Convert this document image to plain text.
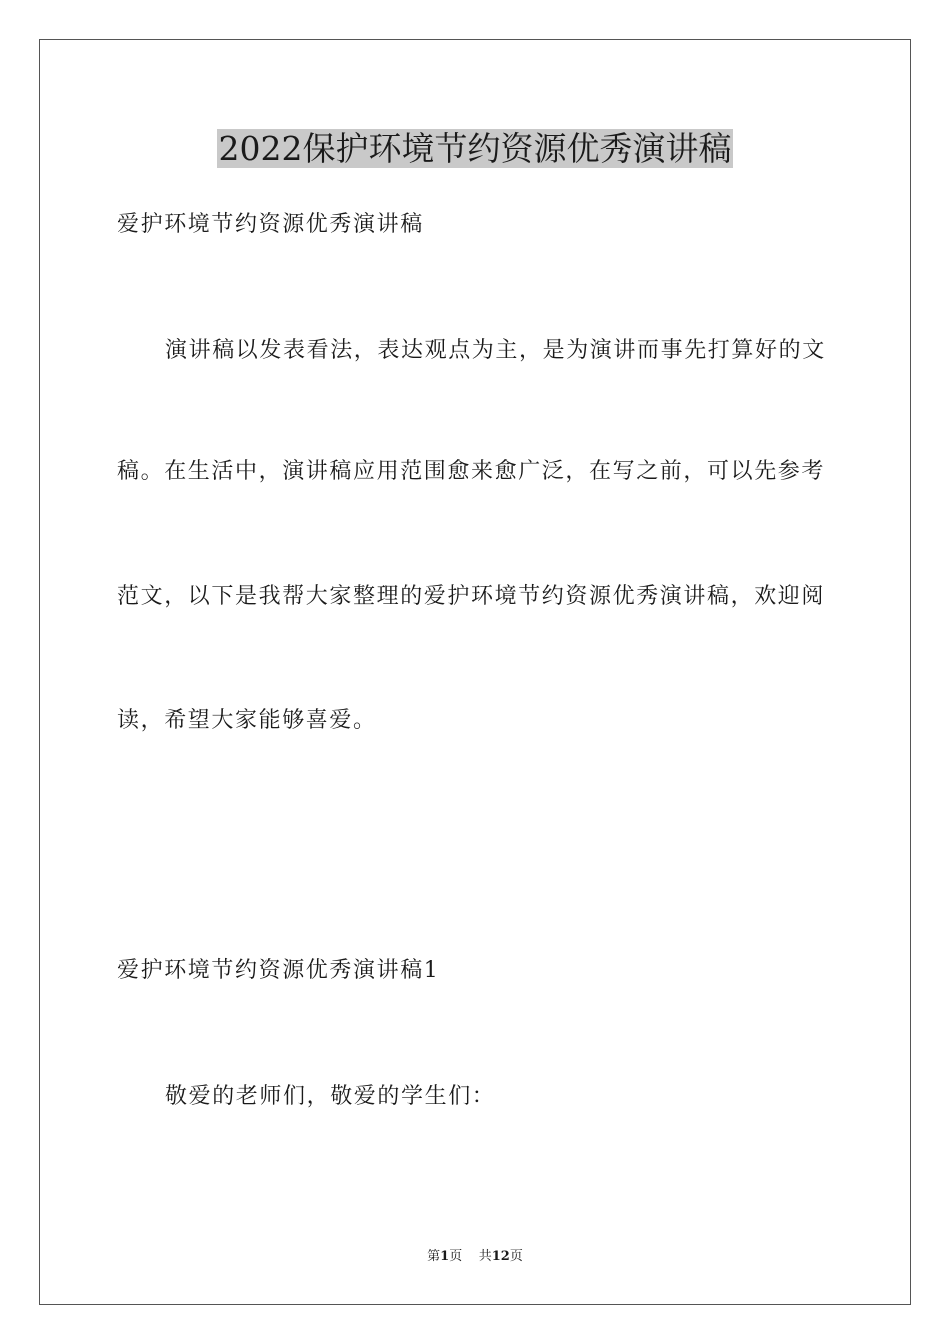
2022保护环境节约资源优秀演讲稿
爱护环境节约资源优秀演讲稿
演讲稿以发表看法，表达观点为主，是为演讲而事先打算好的文
稿。在生活中，演讲稿应用范围愈来愈广泛，在写之前，可以先参考
范文，以下是我帮大家整理的爱护环境节约资源优秀演讲稿，欢迎阅
读，希望大家能够喜爱。
爱护环境节约资源优秀演讲稿1
敬爱的老师们，敬爱的学生们：
第1页 共12页
